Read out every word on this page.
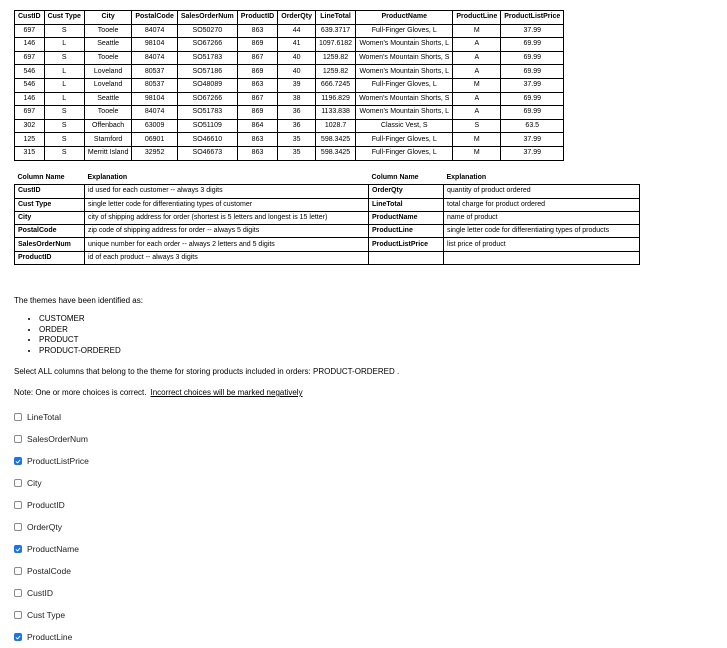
CustID	Cust Type	City	PostalCode	SalesOrderNum	ProductID	OrderQty	LineTotal	ProductName	ProductLine	ProductListPrice
697	S	Tooele	84074	SO50270	863	44	639.3717	Full-Finger Gloves, L	M	37.99
146	L	Seattle	98104	SO67266	869	41	1097.6182	Women's Mountain Shorts, L	A	69.99
697	S	Tooele	84074	SO51783	867	40	1259.82	Women's Mountain Shorts, S	A	69.99
546	L	Loveland	80537	SO57186	869	40	1259.82	Women's Mountain Shorts, L	A	69.99
546	L	Loveland	80537	SO48089	863	39	666.7245	Full-Finger Gloves, L	M	37.99
146	L	Seattle	98104	SO67266	867	38	1196.829	Women's Mountain Shorts, S	A	69.99
697	S	Tooele	84074	SO51783	869	36	1133.838	Women's Mountain Shorts, L	A	69.99
302	S	Offenbach	63009	SO51109	864	36	1028.7	Classic Vest, S	S	63.5
125	S	Stamford	06901	SO46610	863	35	598.3425	Full-Finger Gloves, L	M	37.99
315	S	Merritt Island	32952	SO46673	863	35	598.3425	Full-Finger Gloves, L	M	37.99
Column Name	Explanation	Column Name	Explanation
CustID	id used for each customer -- always 3 digits	OrderQty	quantity of product ordered
Cust Type	single letter code for differentiating types of customer	LineTotal	total charge for product ordered
City	city of shipping address for order (shortest is 5 letters and longest is 15 letter)	ProductName	name of product
PostalCode	zip code of shipping address for order -- always 5 digits	ProductLine	single letter code for differentiating types of products
SalesOrderNum	unique number for each order -- always 2 letters and 5 digits	ProductListPrice	list price of product
ProductID	id of each product -- always 3 digits		
The themes have been identified as:
• CUSTOMER
• ORDER
• PRODUCT
• PRODUCT-ORDERED
Select ALL columns that belong to the theme for storing products included in orders: PRODUCT-ORDERED .
Note: One or more choices is correct. Incorrect choices will be marked negatively
LineTotal
SalesOrderNum
ProductListPrice
City
ProductID
OrderQty
ProductName
PostalCode
CustID
Cust Type
ProductLine
